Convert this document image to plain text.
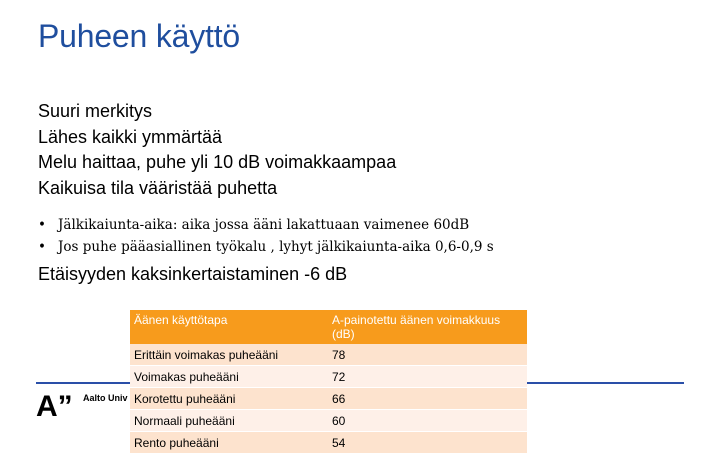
Puheen käyttö
Suuri merkitys
Lähes kaikki ymmärtää
Melu haittaa, puhe yli 10 dB voimakkaampaa
Kaikuisa tila vääristää puhetta
• Jälkikaiunta-aika: aika jossa ääni lakattuaan vaimenee 60dB
• Jos puhe pääasiallinen työkalu , lyhyt jälkikaiunta-aika 0,6-0,9 s
Etäisyyden kaksinkertaistaminen -6 dB
A” Aalto Univ
Äänen käyttötapa	A-painotettu äänen voimakkuus (dB)
Erittäin voimakas puheääni	78
Voimakas puheääni	72
Korotettu puheääni	66
Normaali puheääni	60
Rento puheääni	54
